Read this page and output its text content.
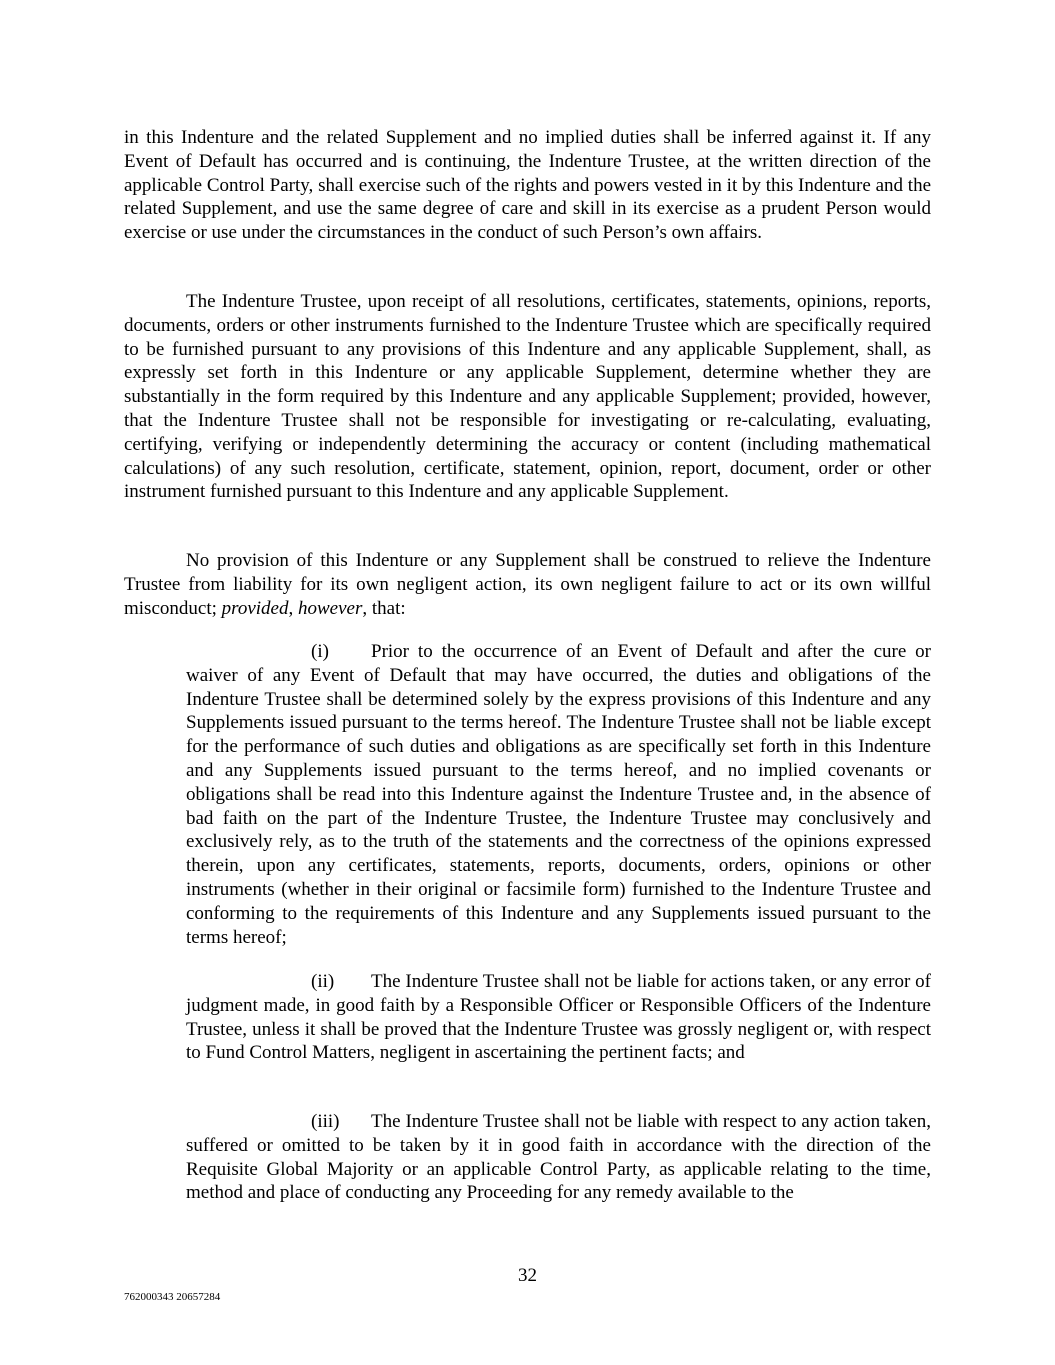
in this Indenture and the related Supplement and no implied duties shall be inferred against it. If any Event of Default has occurred and is continuing, the Indenture Trustee, at the written direction of the applicable Control Party, shall exercise such of the rights and powers vested in it by this Indenture and the related Supplement, and use the same degree of care and skill in its exercise as a prudent Person would exercise or use under the circumstances in the conduct of such Person’s own affairs.

The Indenture Trustee, upon receipt of all resolutions, certificates, statements, opinions, reports, documents, orders or other instruments furnished to the Indenture Trustee which are specifically required to be furnished pursuant to any provisions of this Indenture and any applicable Supplement, shall, as expressly set forth in this Indenture or any applicable Supplement, determine whether they are substantially in the form required by this Indenture and any applicable Supplement; provided, however, that the Indenture Trustee shall not be responsible for investigating or re-calculating, evaluating, certifying, verifying or independently determining the accuracy or content (including mathematical calculations) of any such resolution, certificate, statement, opinion, report, document, order or other instrument furnished pursuant to this Indenture and any applicable Supplement.

No provision of this Indenture or any Supplement shall be construed to relieve the Indenture Trustee from liability for its own negligent action, its own negligent failure to act or its own willful misconduct; provided, however, that:

(i) Prior to the occurrence of an Event of Default and after the cure or waiver of any Event of Default that may have occurred, the duties and obligations of the Indenture Trustee shall be determined solely by the express provisions of this Indenture and any Supplements issued pursuant to the terms hereof. The Indenture Trustee shall not be liable except for the performance of such duties and obligations as are specifically set forth in this Indenture and any Supplements issued pursuant to the terms hereof, and no implied covenants or obligations shall be read into this Indenture against the Indenture Trustee and, in the absence of bad faith on the part of the Indenture Trustee, the Indenture Trustee may conclusively and exclusively rely, as to the truth of the statements and the correctness of the opinions expressed therein, upon any certificates, statements, reports, documents, orders, opinions or other instruments (whether in their original or facsimile form) furnished to the Indenture Trustee and conforming to the requirements of this Indenture and any Supplements issued pursuant to the terms hereof;

(ii) The Indenture Trustee shall not be liable for actions taken, or any error of judgment made, in good faith by a Responsible Officer or Responsible Officers of the Indenture Trustee, unless it shall be proved that the Indenture Trustee was grossly negligent or, with respect to Fund Control Matters, negligent in ascertaining the pertinent facts; and

(iii) The Indenture Trustee shall not be liable with respect to any action taken, suffered or omitted to be taken by it in good faith in accordance with the direction of the Requisite Global Majority or an applicable Control Party, as applicable relating to the time, method and place of conducting any Proceeding for any remedy available to the

32
762000343 20657284
